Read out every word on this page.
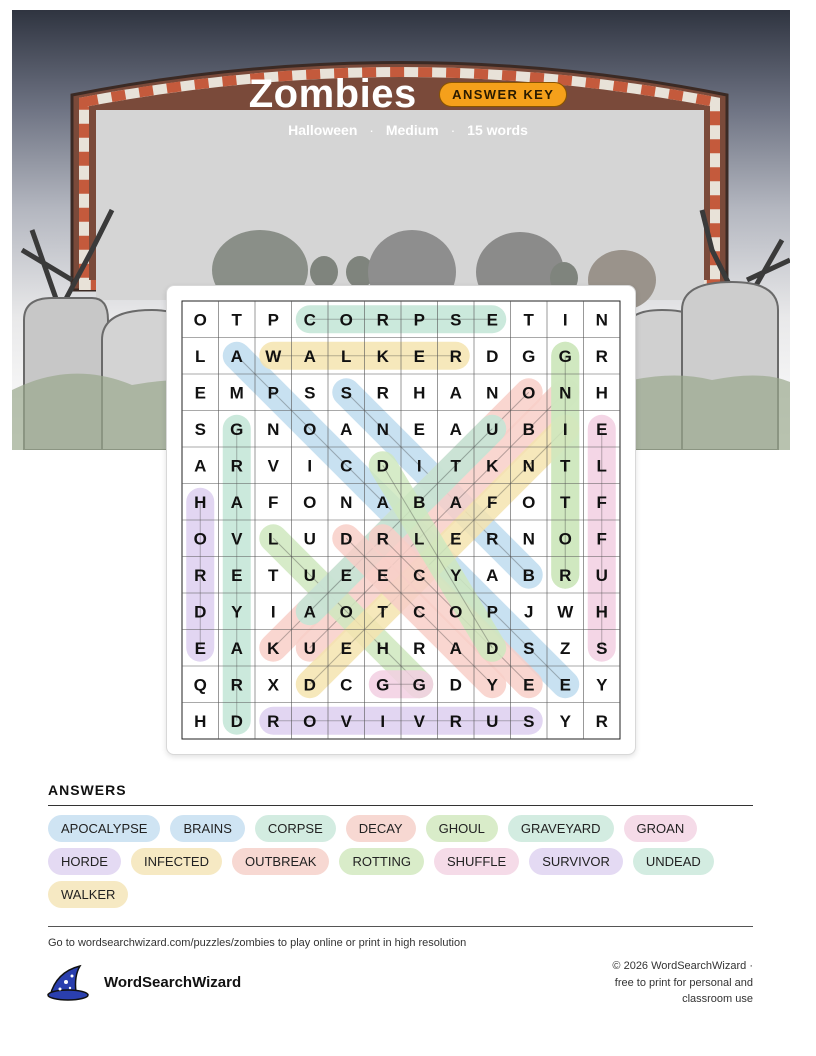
Zombies	ANSWER KEY
Halloween · Medium · 15 words
O T P C O R P S E T I N
L A W A L K E R D G G R
E M P S S R H A N O N H
S G N O A N E A U B I E
A R V I C D I T K N T L
H A F O N A B A F O T F
O V L U D R L E R N O F
R E T U E E C Y A B R U
D Y I A O T C O P J W H
E A K U E H R A D S Z S
Q R X D C G G D Y E E Y
H D R O V I V R U S Y R
ANSWERS
APOCALYPSE	BRAINS	CORPSE	DECAY	GHOUL	GRAVEYARD	GROAN
HORDE	INFECTED	OUTBREAK	ROTTING	SHUFFLE	SURVIVOR	UNDEAD
WALKER
Go to wordsearchwizard.com/puzzles/zombies to play online or print in high resolution
WordSearchWizard
© 2026 WordSearchWizard ·
free to print for personal and
classroom use
